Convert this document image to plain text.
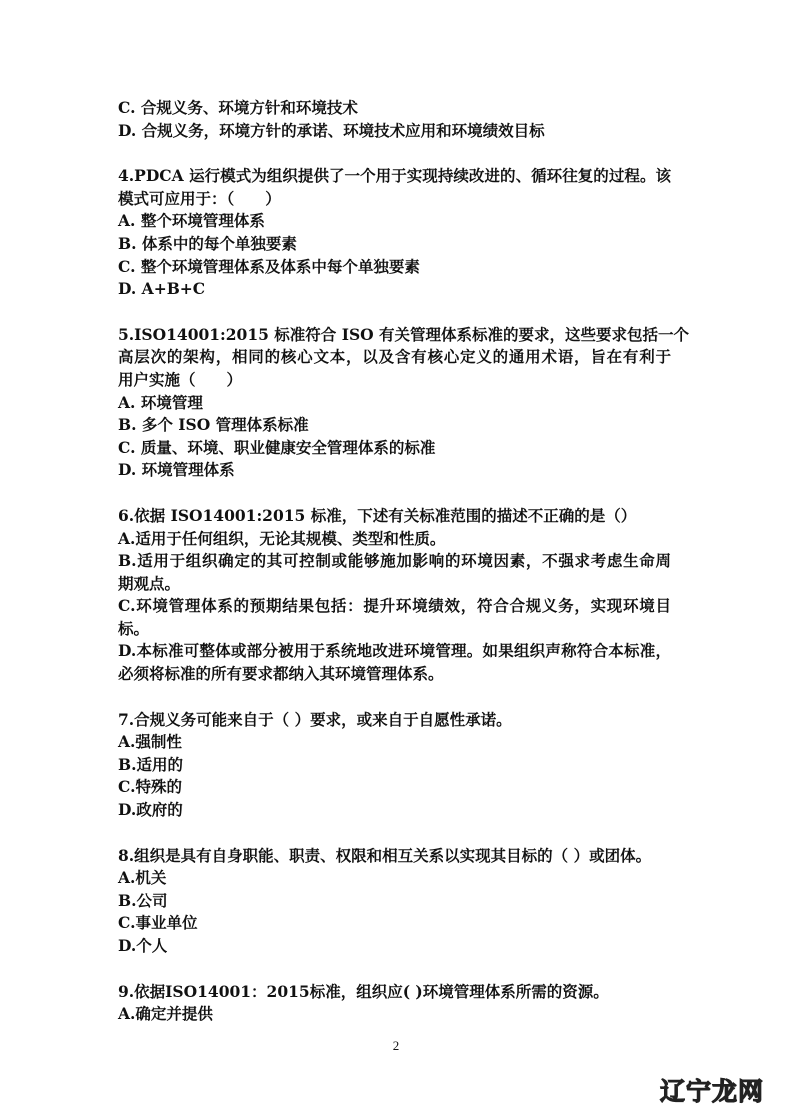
C. 合规义务、环境方针和环境技术
D. 合规义务，环境方针的承诺、环境技术应用和环境绩效目标
4.PDCA 运行模式为组织提供了一个用于实现持续改进的、循环往复的过程。该
模式可应用于：（　　）
A. 整个环境管理体系
B. 体系中的每个单独要素
C. 整个环境管理体系及体系中每个单独要素
D. A+B+C
5.ISO14001:2015 标准符合 ISO 有关管理体系标准的要求，这些要求包括一个
高层次的架构，相同的核心文本，以及含有核心定义的通用术语，旨在有利于
用户实施（　　）
A. 环境管理
B. 多个 ISO 管理体系标准
C. 质量、环境、职业健康安全管理体系的标准
D. 环境管理体系
6.依据 ISO14001:2015 标准，下述有关标准范围的描述不正确的是（）
A.适用于任何组织，无论其规模、类型和性质。
B.适用于组织确定的其可控制或能够施加影响的环境因素，不强求考虑生命周
期观点。
C.环境管理体系的预期结果包括：提升环境绩效，符合合规义务，实现环境目
标。
D.本标准可整体或部分被用于系统地改进环境管理。如果组织声称符合本标准，
必须将标准的所有要求都纳入其环境管理体系。
7.合规义务可能来自于（ ）要求，或来自于自愿性承诺。
A.强制性
B.适用的
C.特殊的
D.政府的
8.组织是具有自身职能、职责、权限和相互关系以实现其目标的（ ）或团体。
A.机关
B.公司
C.事业单位
D.个人
9.依据ISO14001：2015标准，组织应( )环境管理体系所需的资源。
A.确定并提供
2
辽宁龙网
